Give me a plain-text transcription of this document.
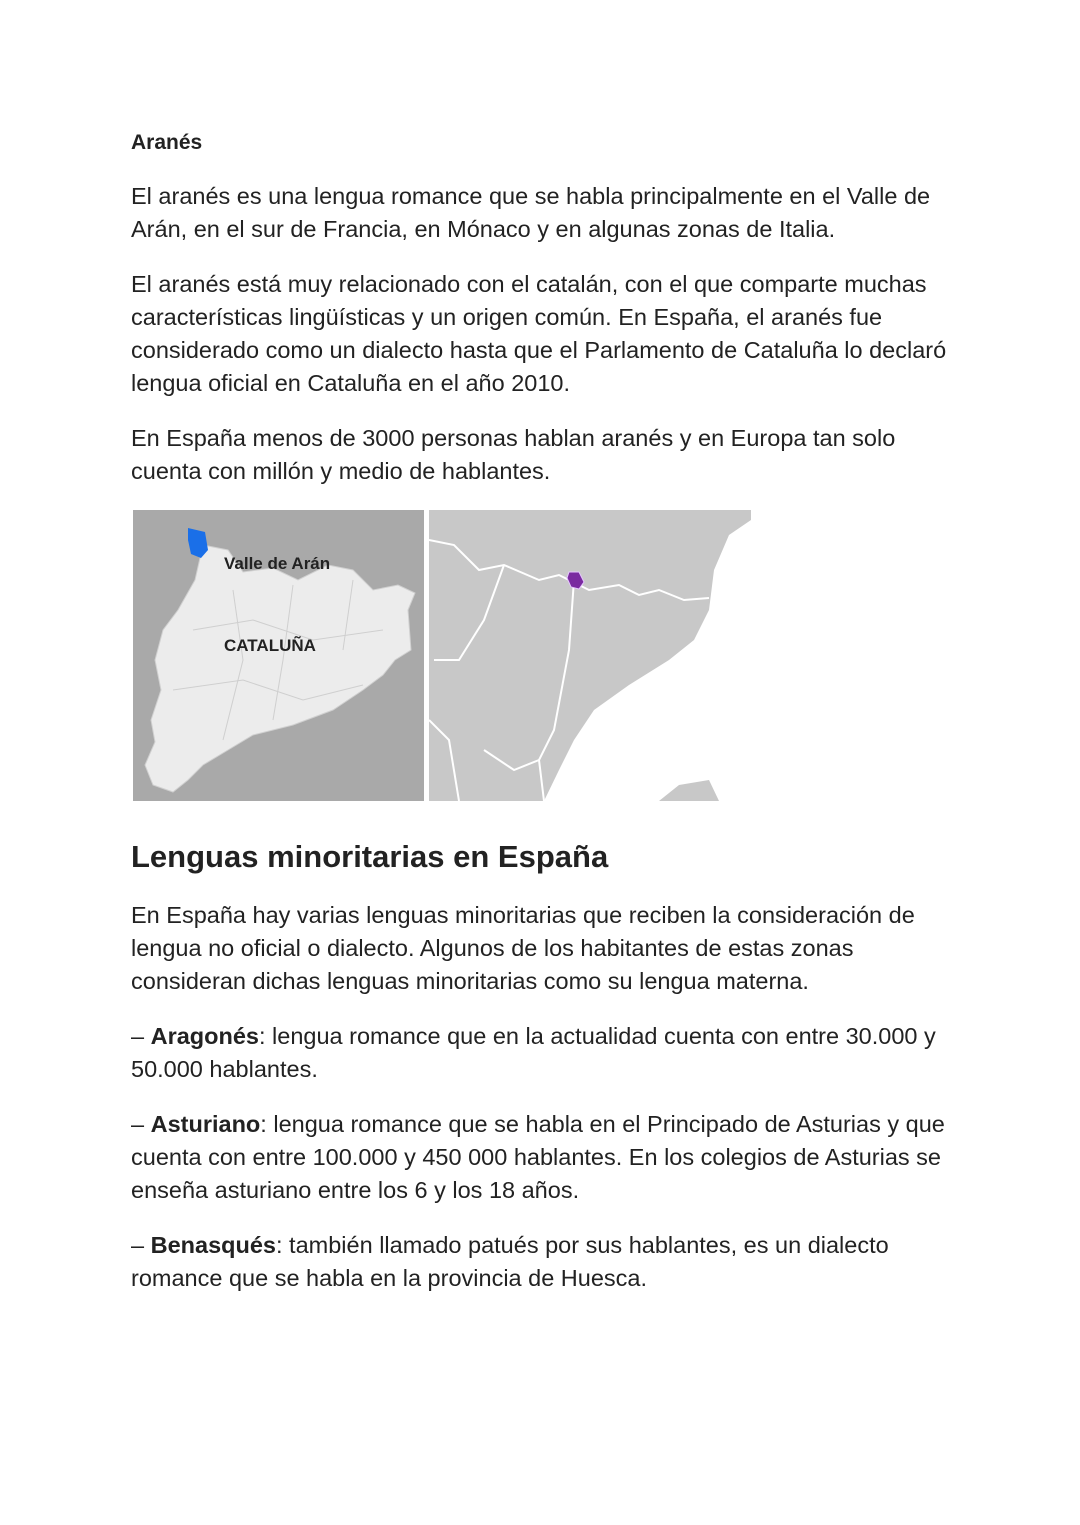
Aranés

El aranés es una lengua romance que se habla principalmente en el Valle de Arán, en el sur de Francia, en Mónaco y en algunas zonas de Italia.

El aranés está muy relacionado con el catalán, con el que comparte muchas características lingüísticas y un origen común. En España, el aranés fue considerado como un dialecto hasta que el Parlamento de Cataluña lo declaró lengua oficial en Cataluña en el año 2010.

En España menos de 3000 personas hablan aranés y en Europa tan solo cuenta con millón y medio de hablantes.

Valle de Arán
CATALUÑA
Lenguas minoritarias en España

En España hay varias lenguas minoritarias que reciben la consideración de lengua no oficial o dialecto. Algunos de los habitantes de estas zonas consideran dichas lenguas minoritarias como su lengua materna.

– Aragonés: lengua romance que en la actualidad cuenta con entre 30.000 y 50.000 hablantes.

– Asturiano: lengua romance que se habla en el Principado de Asturias y que cuenta con entre 100.000 y 450 000 hablantes. En los colegios de Asturias se enseña asturiano entre los 6 y los 18 años.

– Benasqués: también llamado patués por sus hablantes, es un dialecto romance que se habla en la provincia de Huesca.
